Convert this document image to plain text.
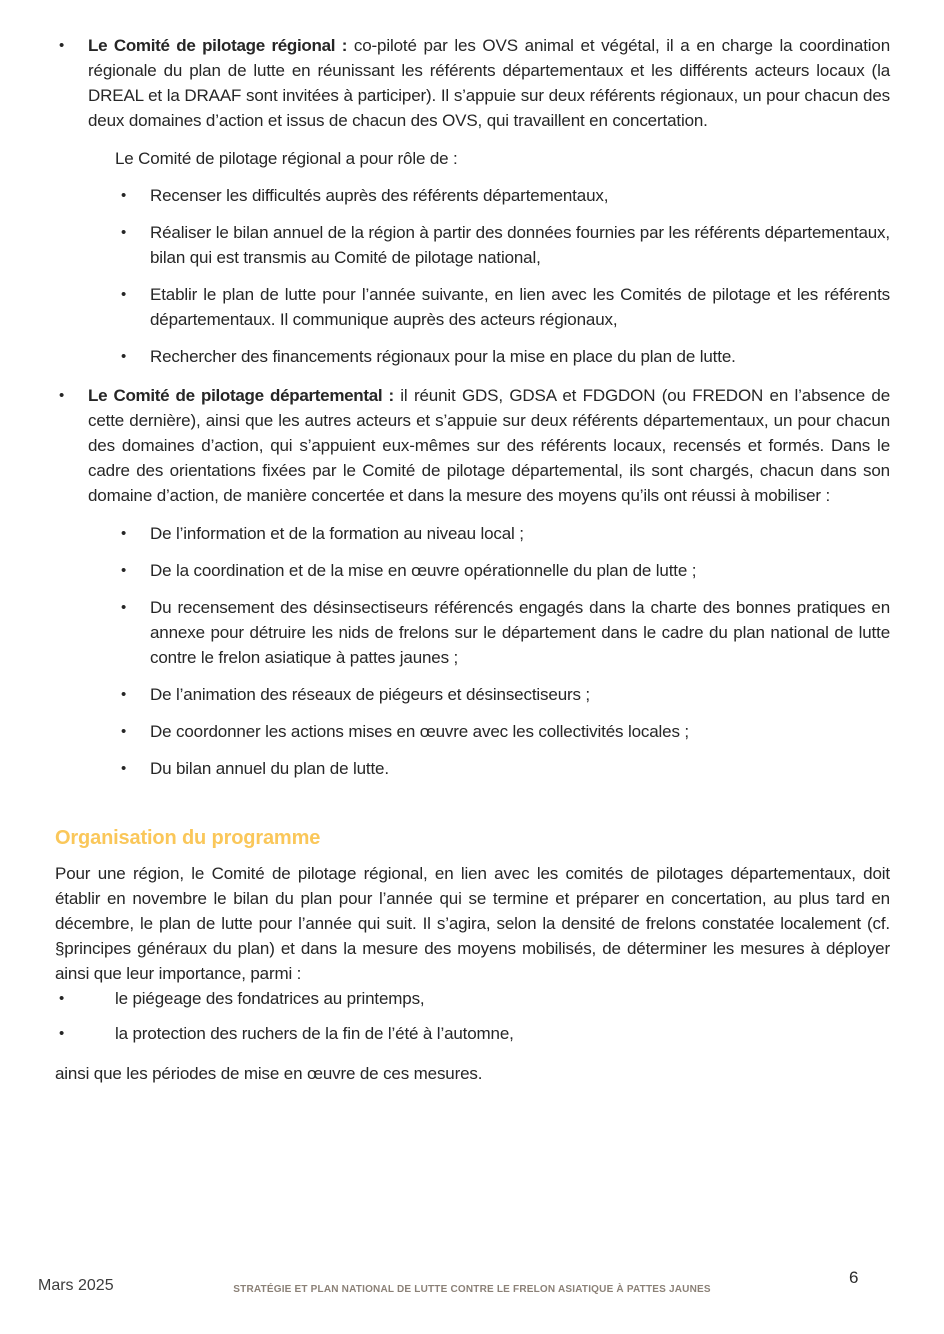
• Le Comité de pilotage régional : co-piloté par les OVS animal et végétal, il a en charge la coordination régionale du plan de lutte en réunissant les référents départementaux et les différents acteurs locaux (la DREAL et la DRAAF sont invitées à participer). Il s’appuie sur deux référents régionaux, un pour chacun des deux domaines d’action et issus de chacun des OVS, qui travaillent en concertation.

Le Comité de pilotage régional a pour rôle de :
• Recenser les difficultés auprès des référents départementaux,

• Réaliser le bilan annuel de la région à partir des données fournies par les référents départementaux, bilan qui est transmis au Comité de pilotage national,

• Etablir le plan de lutte pour l’année suivante, en lien avec les Comités de pilotage et les référents départementaux. Il communique auprès des acteurs régionaux,

• Rechercher des financements régionaux pour la mise en place du plan de lutte.

• Le Comité de pilotage départemental : il réunit GDS, GDSA et FDGDON (ou FREDON en l’absence de cette dernière), ainsi que les autres acteurs et s’appuie sur deux référents départementaux, un pour chacun des domaines d’action, qui s’appuient eux-mêmes sur des référents locaux, recensés et formés. Dans le cadre des orientations fixées par le Comité de pilotage départemental, ils sont chargés, chacun dans son domaine d’action, de manière concertée et dans la mesure des moyens qu’ils ont réussi à mobiliser :

• De l’information et de la formation au niveau local ;

• De la coordination et de la mise en œuvre opérationnelle du plan de lutte ;

• Du recensement des désinsectiseurs référencés engagés dans la charte des bonnes pratiques en annexe pour détruire les nids de frelons sur le département dans le cadre du plan national de lutte contre le frelon asiatique à pattes jaunes ;

• De l’animation des réseaux de piégeurs et désinsectiseurs ;

• De coordonner les actions mises en œuvre avec les collectivités locales ;

• Du bilan annuel du plan de lutte.

Organisation du programme

Pour une région, le Comité de pilotage régional, en lien avec les comités de pilotages départementaux, doit établir en novembre le bilan du plan pour l’année qui se termine et préparer en concertation, au plus tard en décembre, le plan de lutte pour l’année qui suit. Il s’agira, selon la densité de frelons constatée localement (cf. §principes généraux du plan) et dans la mesure des moyens mobilisés, de déterminer les mesures à déployer ainsi que leur importance, parmi :

•	le piégeage des fondatrices au printemps,

•	la protection des ruchers de la fin de l’été à l’automne,

ainsi que les périodes de mise en œuvre de ces mesures.

Mars 2025	STRATÉGIE ET PLAN NATIONAL DE LUTTE CONTRE LE FRELON ASIATIQUE À PATTES JAUNES
6
